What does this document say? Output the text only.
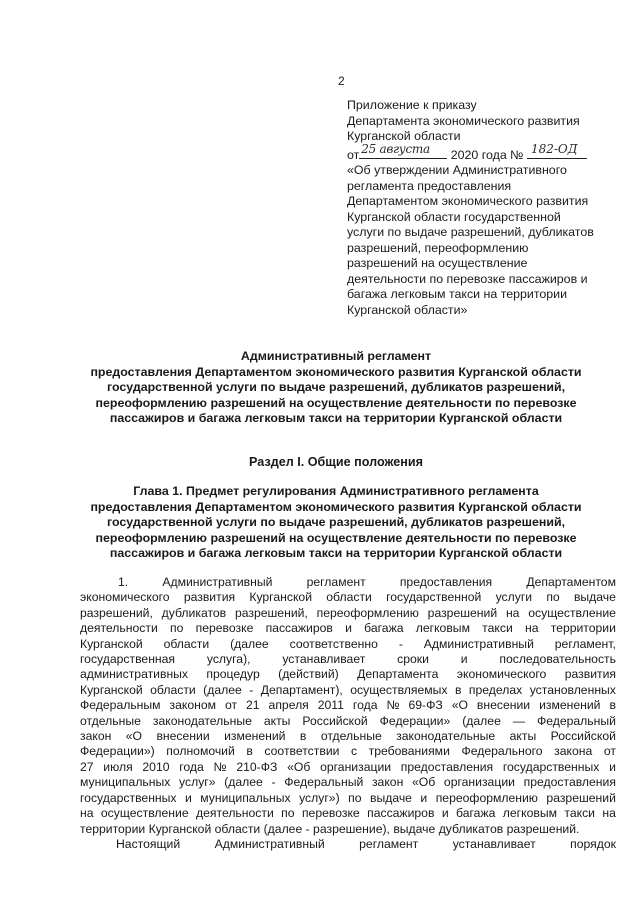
2
Приложение к приказу
Департамента экономического развития
Курганской области
от 25 августа 2020 года № 182-ОД
«Об утверждении Административного
регламента предоставления
Департаментом экономического развития
Курганской области государственной
услуги по выдаче разрешений, дубликатов
разрешений, переоформлению
разрешений на осуществление
деятельности по перевозке пассажиров и
багажа легковым такси на территории
Курганской области»
Административный регламент
предоставления Департаментом экономического развития Курганской области
государственной услуги по выдаче разрешений, дубликатов разрешений,
переоформлению разрешений на осуществление деятельности по перевозке
пассажиров и багажа легковым такси на территории Курганской области
Раздел I. Общие положения
Глава 1. Предмет регулирования Административного регламента
предоставления Департаментом экономического развития Курганской области
государственной услуги по выдаче разрешений, дубликатов разрешений,
переоформлению разрешений на осуществление деятельности по перевозке
пассажиров и багажа легковым такси на территории Курганской области
1.	Административный	регламент	предоставления	Департаментом
экономического развития Курганской области государственной услуги по выдаче
разрешений, дубликатов разрешений, переоформлению разрешений на осуществление
деятельности по перевозке пассажиров и багажа легковым такси на территории
Курганской области (далее соответственно - Административный регламент,
государственная	услуга),	устанавливает	сроки	и	последовательность
административных процедур (действий) Департамента экономического развития
Курганской области (далее - Департамент), осуществляемых в пределах установленных
Федеральным законом от 21 апреля 2011 года № 69-ФЗ «О внесении изменений в
отдельные законодательные акты Российской Федерации» (далее — Федеральный
закон «О внесении изменений в отдельные законодательные акты Российской
Федерации») полномочий в соответствии с требованиями Федерального закона от
27 июля 2010 года № 210-ФЗ «Об организации предоставления государственных и
муниципальных услуг» (далее - Федеральный закон «Об организации предоставления
государственных и муниципальных услуг») по выдаче и переоформлению разрешений
на осуществление деятельности по перевозке пассажиров и багажа легковым такси на
территории Курганской области (далее - разрешение), выдаче дубликатов разрешений.
Настоящий	Административный	регламент	устанавливает	порядок
